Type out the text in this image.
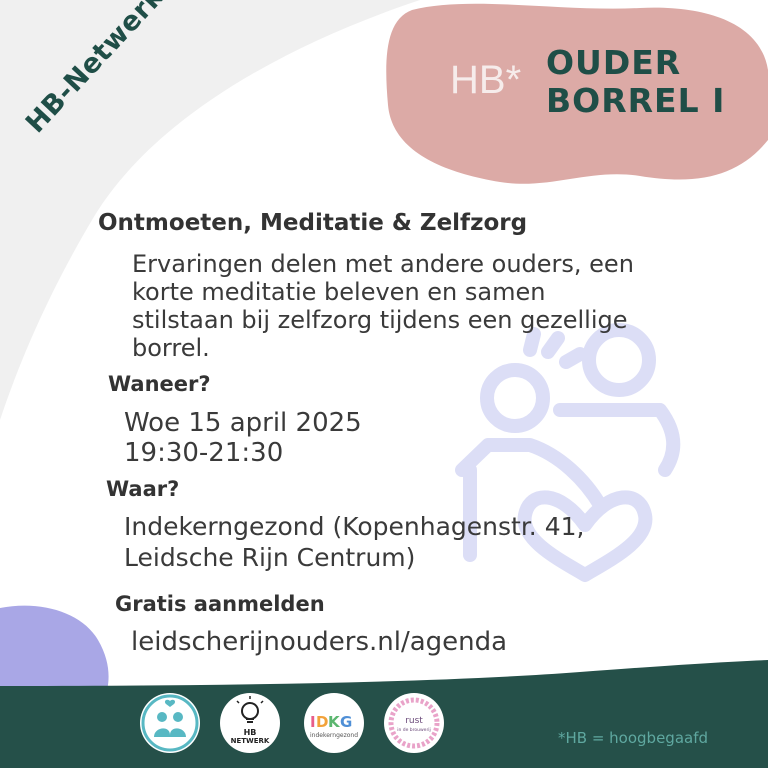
HB* OUDER
BORREL I
Ontmoeten, Meditatie & Zelfzorg
Ervaringen delen met andere ouders, een
korte meditatie beleven en samen
stilstaan bij zelfzorg tijdens een gezellige
borrel.
Waneer?
Woe 15 april 2025
19:30-21:30
Waar?
Indekerngezond (Kopenhagenstr. 41,
Leidsche Rijn Centrum)
Gratis aanmelden
leidscherijnouders.nl/agenda
HB
NETWERK
I D K G
indekerngezond
rust
in de brouwerij	*HB = hoogbegaafd
